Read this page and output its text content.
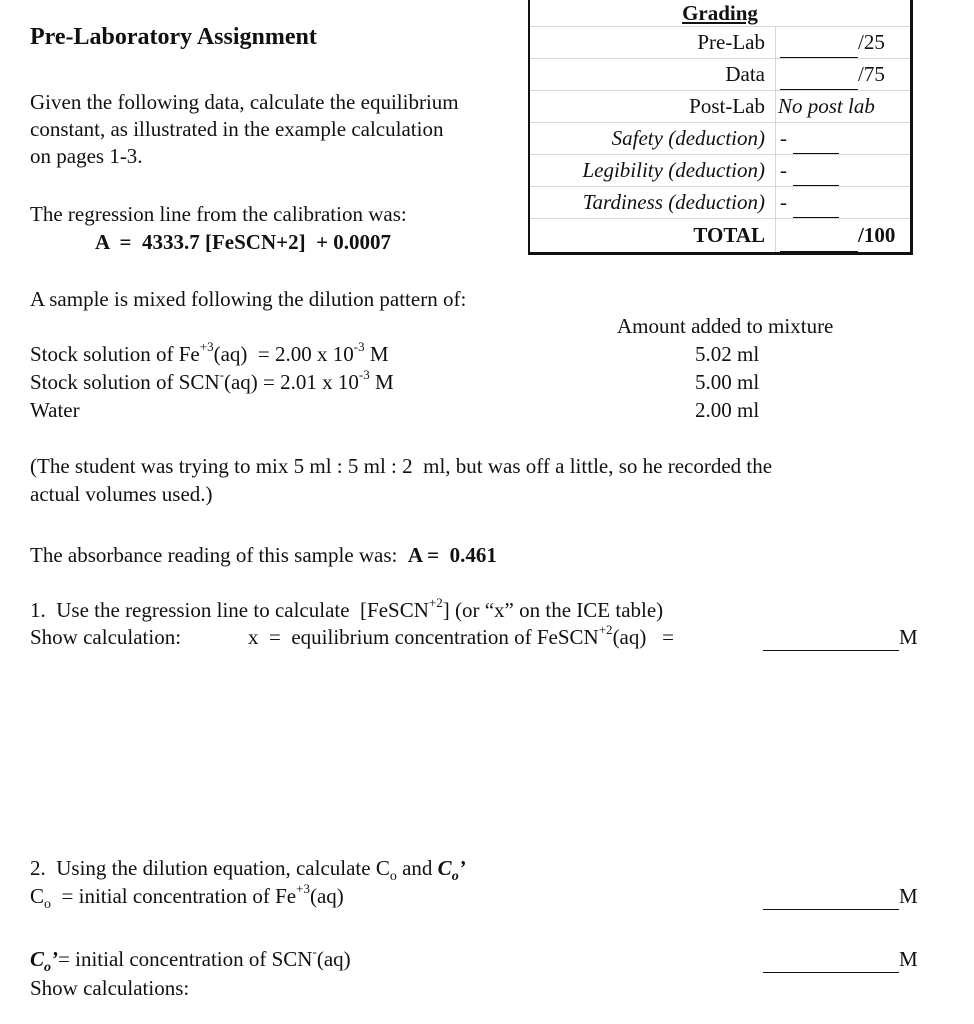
Pre-Laboratory Assignment
Given the following data, calculate the equilibrium
constant, as illustrated in the example calculation
on pages 1-3.
The regression line from the calibration was:
A  =  4333.7 [FeSCN+2]  + 0.0007
Grading
Pre-Lab	/25
Data	/75
Post-Lab No post lab
Safety (deduction) -
Legibility (deduction) -
Tardiness (deduction) -
TOTAL	/100
A sample is mixed following the dilution pattern of:
Amount added to mixture
Stock solution of $Fe^{+3}(aq) = 2.00$ x $10^{-3}$ M	5.02 ml
Stock solution of SCN-(aq) = 2.01 x $10^{-3}$ M	5.00 ml
Water	2.00 ml
(The student was trying to mix 5 ml : 5 ml : 2  ml, but was off a little, so he recorded the
actual volumes used.)
The absorbance reading of this sample was: A =  0.461
1.  Use the regression line to calculate  [FeSCN$^{+2}$] (or “x” on the ICE table)
Show calculation:	x  =  equilibrium concentration of FeSCN$^{+2}$(aq)   =	M
2.  Using the dilution equation, calculate $C_o$ and $C_o$’
$C_o$  = initial concentration of $Fe^{+3}(aq)$	M
$C_o’=$ initial concentration of SCN-(aq)	M
Show calculations:
